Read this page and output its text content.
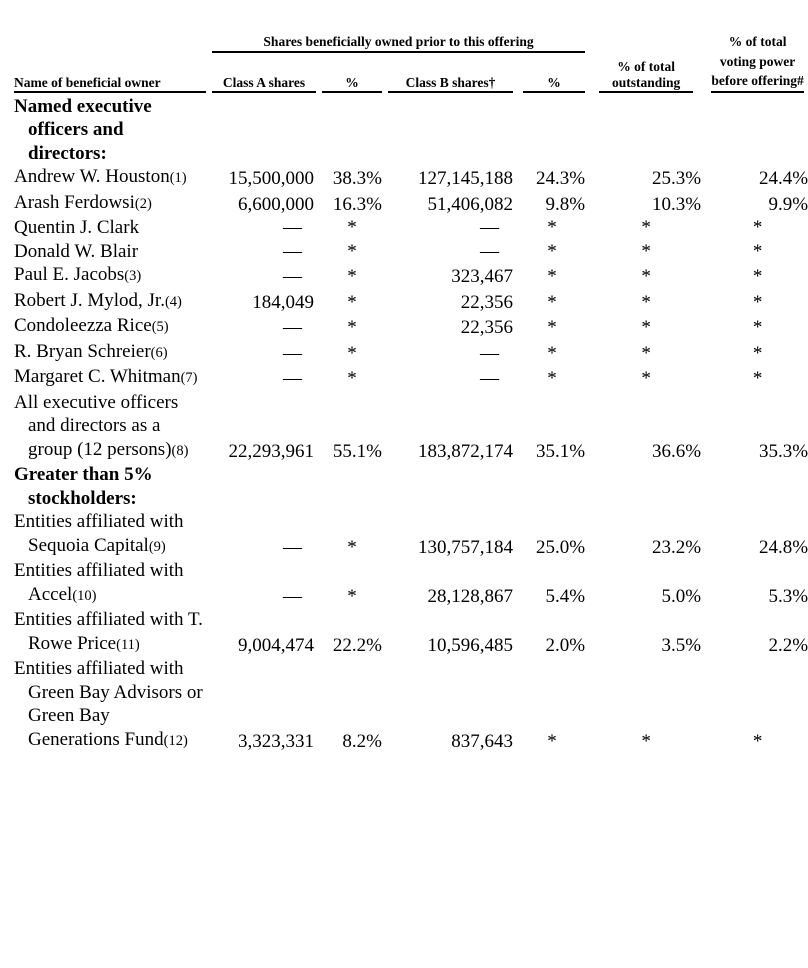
		Shares beneficially owned prior to this offering										% of total voting power before offering#

Name of beneficial owner		Class A shares		%		Class B shares†		%		% of total outstanding		

Named executive officers and directors:												
Andrew W. Houston(1)		15,500,000		38.3%		127,145,188		24.3%		25.3%		24.4%
Arash Ferdowsi(2)		6,600,000		16.3%		51,406,082		9.8%		10.3%		9.9%
Quentin J. Clark		—		*		—		*		*		*
Donald W. Blair		—		*		—		*		*		*
Paul E. Jacobs(3)		—		*		323,467		*		*		*
Robert J. Mylod, Jr.(4)		184,049		*		22,356		*		*		*
Condoleezza Rice(5)		—		*		22,356		*		*		*
R. Bryan Schreier(6)		—		*		—		*		*		*
Margaret C. Whitman(7)		—		*		—		*		*		*
All executive officers and directors as a group (12 persons)(8)		22,293,961		55.1%		183,872,174		35.1%		36.6%		35.3%
Greater than 5% stockholders:												
Entities affiliated with Sequoia Capital(9)		—		*		130,757,184		25.0%		23.2%		24.8%
Entities affiliated with Accel(10)		—		*		28,128,867		5.4%		5.0%		5.3%
Entities affiliated with T. Rowe Price(11)		9,004,474		22.2%		10,596,485		2.0%		3.5%		2.2%
Entities affiliated with Green Bay Advisors or Green Bay Generations Fund(12)		3,323,331		8.2%		837,643		*		*		*
